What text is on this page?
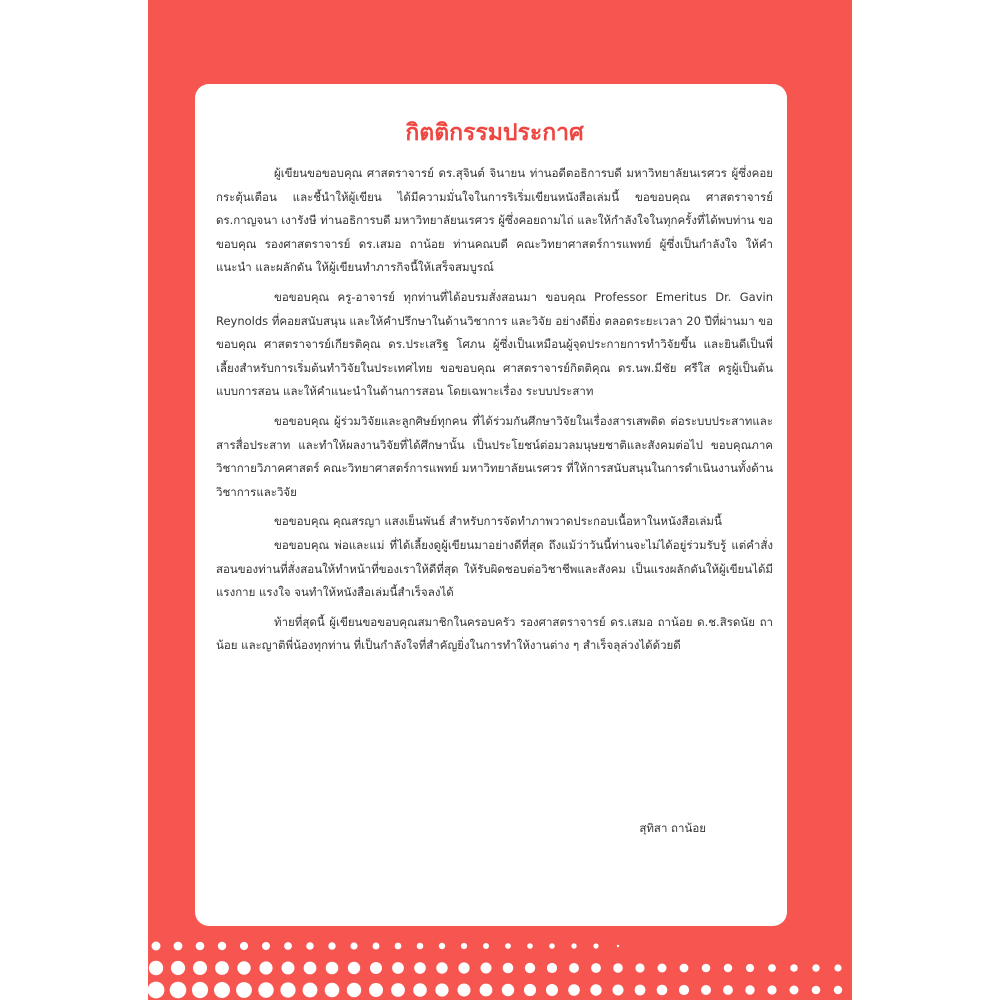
กิตติกรรมประกาศ

ผู้เขียนขอขอบคุณ ศาสตราจารย์ ดร.สุจินต์ จินายน ท่านอดีตอธิการบดี มหาวิทยาลัยนเรศวร ผู้ซึ่งคอยกระตุ้นเตือน และชี้นำให้ผู้เขียน ได้มีความมั่นใจในการริเริ่มเขียนหนังสือเล่มนี้ ขอขอบคุณ ศาสตราจารย์ ดร.กาญจนา เงารังษี ท่านอธิการบดี มหาวิทยาลัยนเรศวร ผู้ซึ่งคอยถามไถ่ และให้กำลังใจในทุกครั้งที่ได้พบท่าน ขอขอบคุณ รองศาสตราจารย์ ดร.เสมอ ถาน้อย ท่านคณบดี คณะวิทยาศาสตร์การแพทย์ ผู้ซึ่งเป็นกำลังใจ ให้คำแนะนำ และผลักดัน ให้ผู้เขียนทำภารกิจนี้ให้เสร็จสมบูรณ์

ขอขอบคุณ ครู-อาจารย์ ทุกท่านที่ได้อบรมสั่งสอนมา ขอบคุณ Professor Emeritus Dr. Gavin Reynolds ที่คอยสนับสนุน และให้คำปรึกษาในด้านวิชาการ และวิจัย อย่างดียิ่ง ตลอดระยะเวลา 20 ปีที่ผ่านมา ขอขอบคุณ ศาสตราจารย์เกียรติคุณ ดร.ประเสริฐ โศภน ผู้ซึ่งเป็นเหมือนผู้จุดประกายการทำวิจัยขึ้น และยินดีเป็นพี่เลี้ยงสำหรับการเริ่มต้นทำวิจัยในประเทศไทย ขอขอบคุณ ศาสตราจารย์กิตติคุณ ดร.นพ.มีชัย ศรีใส ครูผู้เป็นต้นแบบการสอน และให้คำแนะนำในด้านการสอน โดยเฉพาะเรื่อง ระบบประสาท

ขอขอบคุณ ผู้ร่วมวิจัยและลูกศิษย์ทุกคน ที่ได้ร่วมกันศึกษาวิจัยในเรื่องสารเสพติด ต่อระบบประสาทและสารสื่อประสาท และทำให้ผลงานวิจัยที่ได้ศึกษานั้น เป็นประโยชน์ต่อมวลมนุษยชาติและสังคมต่อไป ขอบคุณภาควิชากายวิภาคศาสตร์ คณะวิทยาศาสตร์การแพทย์ มหาวิทยาลัยนเรศวร ที่ให้การสนับสนุนในการดำเนินงานทั้งด้านวิชาการและวิจัย

ขอขอบคุณ คุณสรญา แสงเย็นพันธ์ สำหรับการจัดทำภาพวาดประกอบเนื้อหาในหนังสือเล่มนี้

ขอขอบคุณ พ่อและแม่ ที่ได้เลี้ยงดูผู้เขียนมาอย่างดีที่สุด ถึงแม้ว่าวันนี้ท่านจะไม่ได้อยู่ร่วมรับรู้ แต่คำสั่งสอนของท่านที่สั่งสอนให้ทำหน้าที่ของเราให้ดีที่สุด ให้รับผิดชอบต่อวิชาชีพและสังคม เป็นแรงผลักดันให้ผู้เขียนได้มีแรงกาย แรงใจ จนทำให้หนังสือเล่มนี้สำเร็จลงได้

ท้ายที่สุดนี้ ผู้เขียนขอขอบคุณสมาชิกในครอบครัว รองศาสตราจารย์ ดร.เสมอ ถาน้อย ด.ช.สิรดนัย ถาน้อย และญาติพี่น้องทุกท่าน ที่เป็นกำลังใจที่สำคัญยิ่งในการทำให้งานต่าง ๆ สำเร็จลุล่วงได้ด้วยดี

สุทิสา ถาน้อย
